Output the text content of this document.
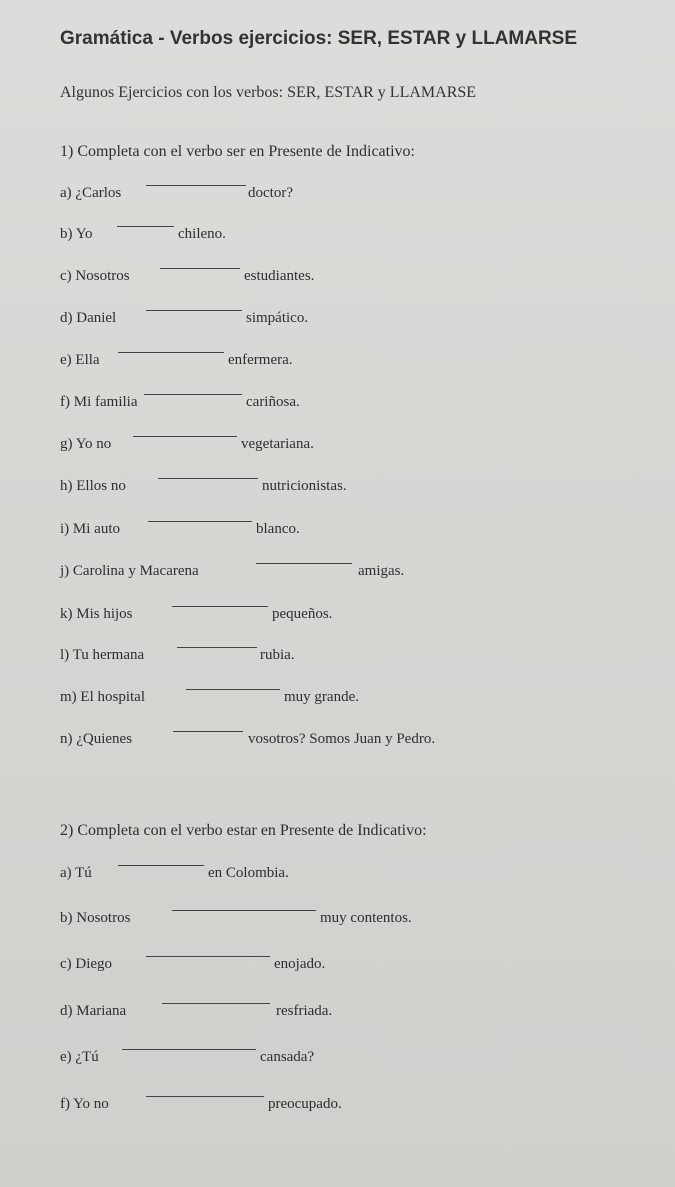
Gramática - Verbos ejercicios: SER, ESTAR y LLAMARSE
Algunos Ejercicios con los verbos: SER, ESTAR y LLAMARSE
1) Completa con el verbo ser en Presente de Indicativo:
a) ¿Carlos	doctor?
b) Yo	chileno.
c) Nosotros	estudiantes.
d) Daniel	simpático.
e) Ella	enfermera.
f) Mi familia	cariñosa.
g) Yo no	vegetariana.
h) Ellos no	nutricionistas.
i) Mi auto	blanco.
j) Carolina y Macarena	amigas.
k) Mis hijos	pequeños.
l) Tu hermana	rubia.
m) El hospital	muy grande.
n) ¿Quienes	vosotros? Somos Juan y Pedro.
2) Completa con el verbo estar en Presente de Indicativo:
a) Tú	en Colombia.
b) Nosotros	muy contentos.
c) Diego	enojado.
d) Mariana	resfriada.
e) ¿Tú	cansada?
f) Yo no	preocupado.
